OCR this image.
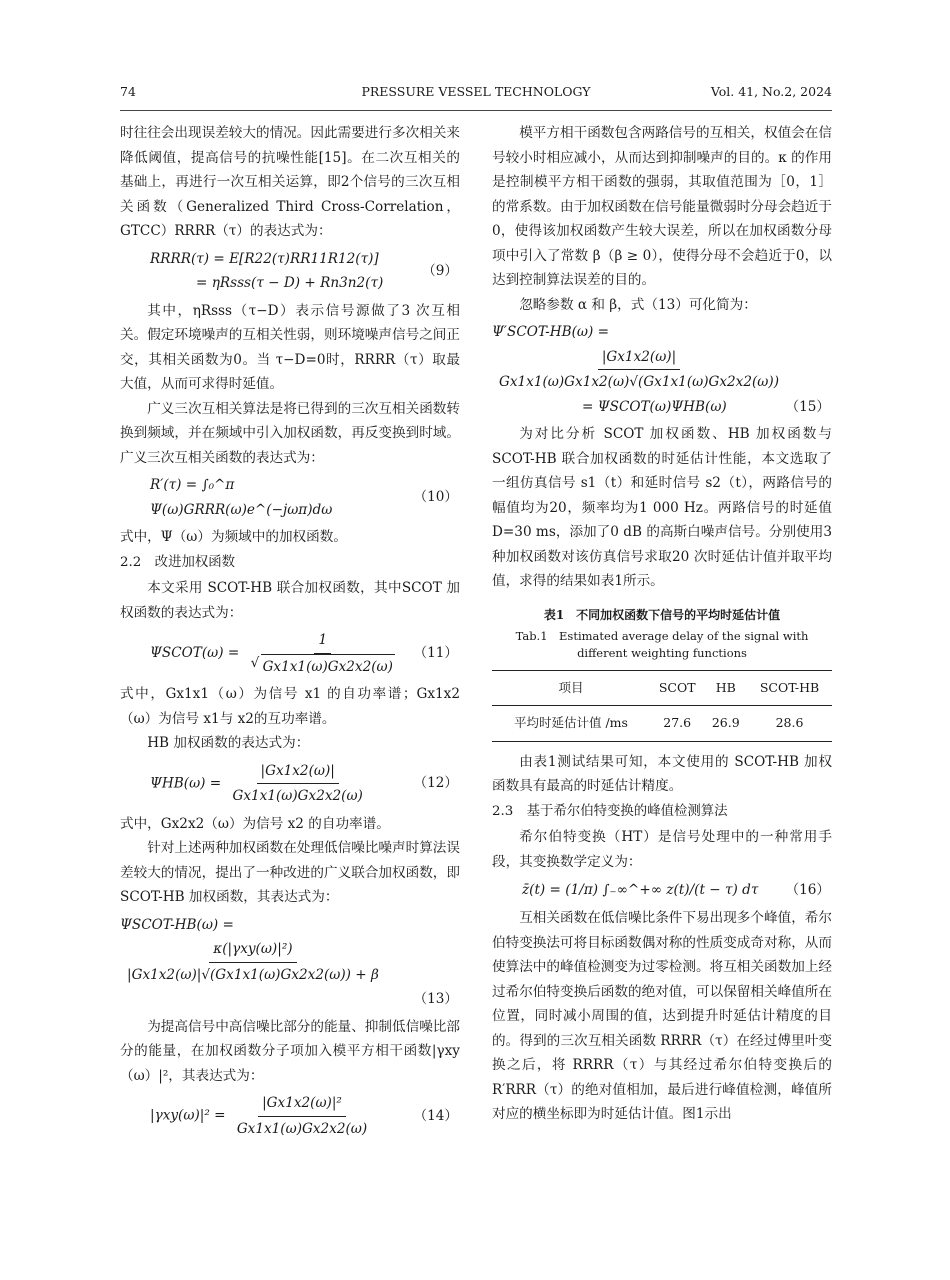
74	PRESSURE VESSEL TECHNOLOGY	Vol. 41, No.2, 2024

时往往会出现误差较大的情况。因此需要进行多次相关来降低阈值，提高信号的抗噪性能[15]。在二次互相关的基础上，再进行一次互相关运算，即2个信号的三次互相关函数（Generalized Third Cross-Correlation，GTCC）RRRR（τ）的表达式为：

RRRR(τ) = E[R22(τ)RR11R12(τ)]
= ηRsss(τ − D) + Rn3n2(τ)
（9）

其中，ηRsss（τ−D）表示信号源做了3 次互相关。假定环境噪声的互相关性弱，则环境噪声信号之间正交，其相关函数为0。当 τ−D=0时，RRRR（τ）取最大值，从而可求得时延值。

广义三次互相关算法是将已得到的三次互相关函数转换到频域，并在频域中引入加权函数，再反变换到时域。广义三次互相关函数的表达式为：

R′(τ) = ∫₀^π Ψ(ω)GRRR(ω)e^(−jωπ)dω
（10）

式中，Ψ（ω）为频域中的加权函数。

2.2　改进加权函数

本文采用 SCOT-HB 联合加权函数，其中SCOT 加权函数的表达式为：

ΨSCOT(ω) = 1
√ Gx1x1(ω)Gx2x2(ω) （11）

式中，Gx1x1（ω）为信号 x1 的自功率谱；Gx1x2（ω）为信号 x1与 x2的互功率谱。

HB 加权函数的表达式为：

$\Psi HB(\omega) = \frac{|Gx1x2(\omega)|}{Gx1x1(\omega)Gx2x2(\omega)}$	（12）

式中，Gx2x2（ω）为信号 x2 的自功率谱。

针对上述两种加权函数在处理低信噪比噪声时算法误差较大的情况，提出了一种改进的广义联合加权函数，即 SCOT-HB 加权函数，其表达式为：

ΨSCOT-HB(ω) =
$\frac{\text{κ(|γxy(ω)|²)}}{|Gx1x2(\omega)|√(Gx1x1(\omega)Gx2x2(\omega)) + \beta}$
（13）

为提高信号中高信噪比部分的能量、抑制低信噪比部分的能量，在加权函数分子项加入模平方相干函数|γxy（ω）|²，其表达式为：

$|\gamma xy(\omega)|^2 = \frac{\text{|Gx1x2(ω)|²}}{Gx1x1(\omega)Gx2x2(\omega)}$	（14）

模平方相干函数包含两路信号的互相关，权值会在信号较小时相应减小，从而达到抑制噪声的目的。κ 的作用是控制模平方相干函数的强弱，其取值范围为［0，1］的常系数。由于加权函数在信号能量微弱时分母会趋近于0，使得该加权函数产生较大误差，所以在加权函数分母项中引入了常数 β（β ≥ 0），使得分母不会趋近于0，以达到控制算法误差的目的。

忽略参数 α 和 β，式（13）可化简为：

Ψ′SCOT-HB(ω) =
$\frac{|Gx1x2(\omega)|}{Gx1x1(\omega)Gx1x2(\omega)√(Gx1x1(\omega)Gx2x2(\omega))}$
= ΨSCOT(ω)ΨHB(ω)	（15）

为对比分析 SCOT 加权函数、HB 加权函数与SCOT-HB 联合加权函数的时延估计性能，本文选取了一组仿真信号 s1（t）和延时信号 s2（t），两路信号的幅值均为20，频率均为1 000 Hz。两路信号的时延值 D=30 ms，添加了0 dB 的高斯白噪声信号。分别使用3种加权函数对该仿真信号求取20 次时延估计值并取平均值，求得的结果如表1所示。

表1　不同加权函数下信号的平均时延估计值
Tab.1　Estimated average delay of the signal with different weighting functions
项目	SCOT	HB	SCOT-HB
平均时延估计值 /ms	27.6	26.9	28.6

由表1测试结果可知，本文使用的 SCOT-HB 加权函数具有最高的时延估计精度。

2.3　基于希尔伯特变换的峰值检测算法

希尔伯特变换（HT）是信号处理中的一种常用手段，其变换数学定义为：

z̄(t) = (1/π) ∫₋∞^+∞ z(t)/(t − τ) dτ （16）

互相关函数在低信噪比条件下易出现多个峰值，希尔伯特变换法可将目标函数偶对称的性质变成奇对称，从而使算法中的峰值检测变为过零检测。将互相关函数加上经过希尔伯特变换后函数的绝对值，可以保留相关峰值所在位置，同时减小周围的值，达到提升时延估计精度的目的。得到的三次互相关函数 RRRR（τ）在经过傅里叶变换之后，将 RRRR（τ）与其经过希尔伯特变换后的 R′RRR（τ）的绝对值相加，最后进行峰值检测，峰值所对应的横坐标即为时延估计值。图1示出
